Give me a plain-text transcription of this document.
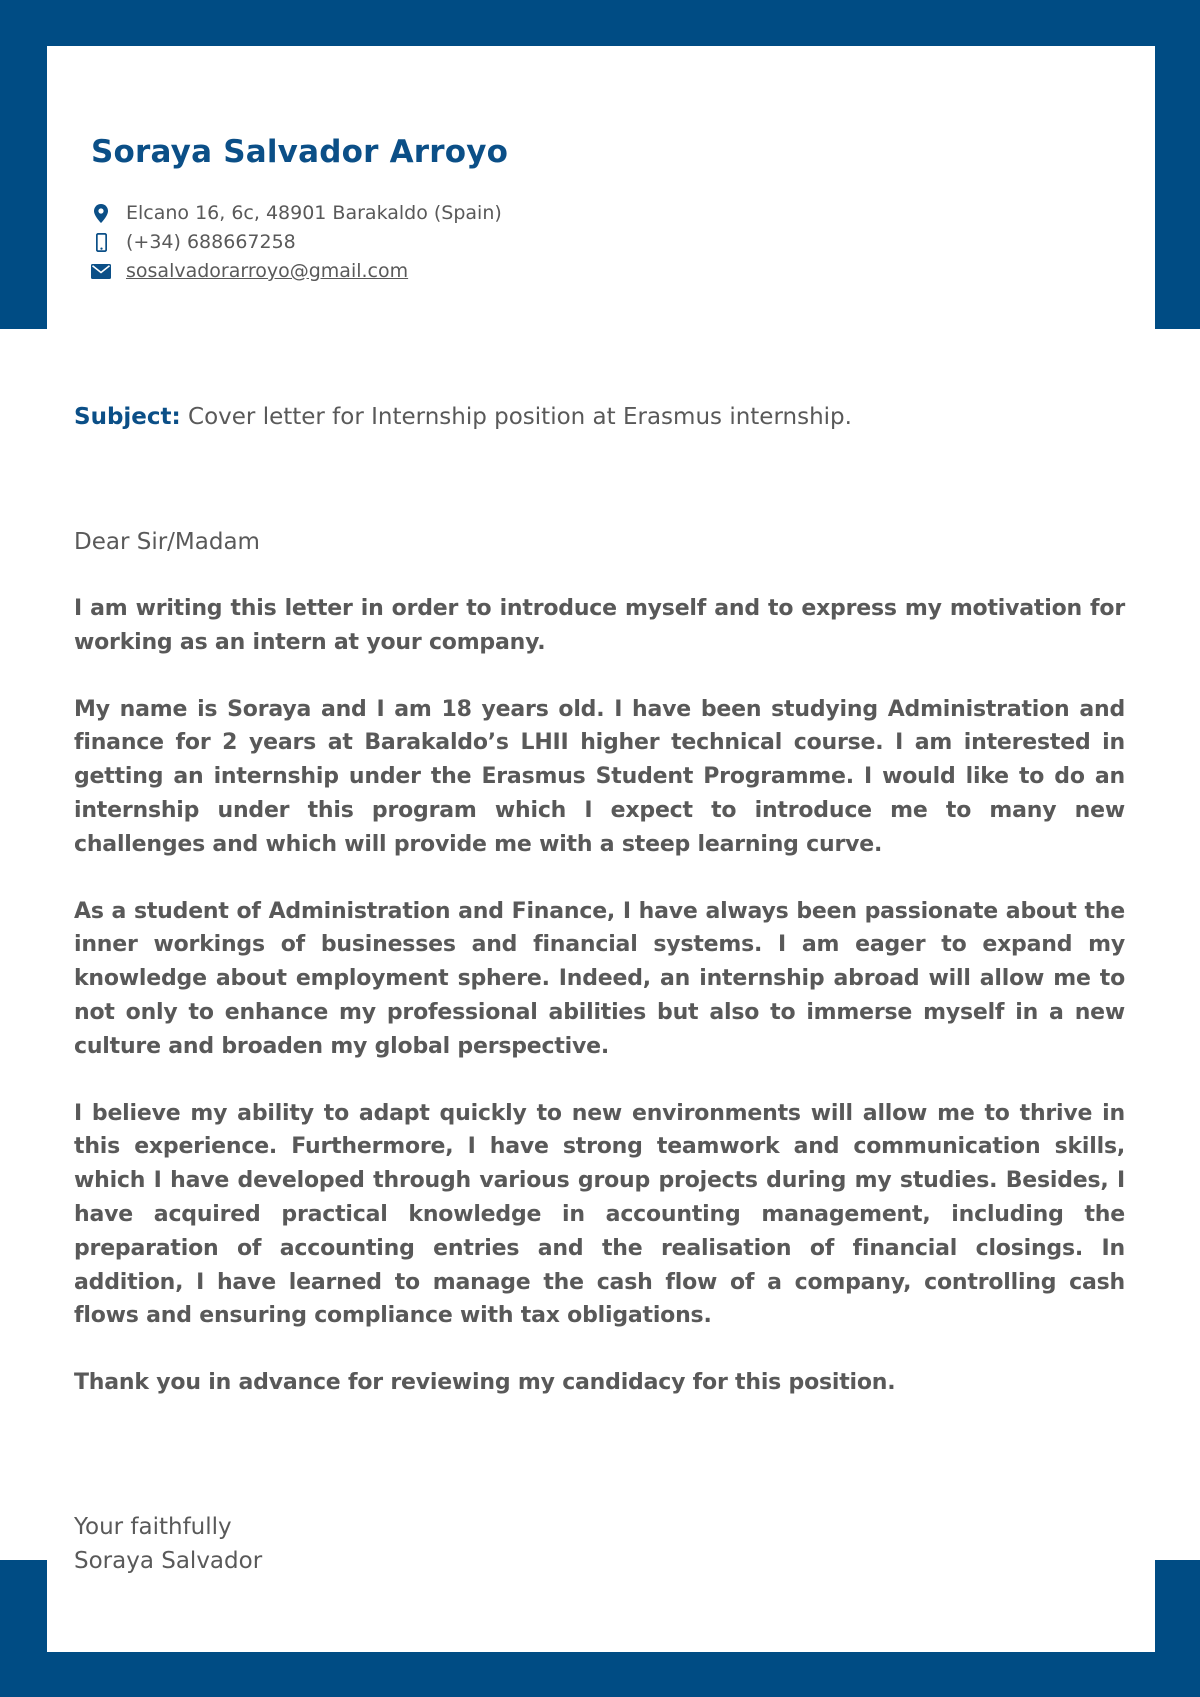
Soraya Salvador Arroyo
Elcano 16, 6c, 48901 Barakaldo (Spain)
(+34) 688667258
sosalvadorarroyo@gmail.com
Subject: Cover letter for Internship position at Erasmus internship.
Dear Sir/Madam

I am writing this letter in order to introduce myself and to express my motivation for working as an intern at your company.

My name is Soraya and I am 18 years old. I have been studying Administration and finance for 2 years at Barakaldo’s LHII higher technical course. I am interested in getting an internship under the Erasmus Student Programme. I would like to do an internship under this program which I expect to introduce me to many new challenges and which will provide me with a steep learning curve.

As a student of Administration and Finance, I have always been passionate about the inner workings of businesses and financial systems. I am eager to expand my knowledge about employment sphere. Indeed, an internship abroad will allow me to not only to enhance my professional abilities but also to immerse myself in a new culture and broaden my global perspective.

I believe my ability to adapt quickly to new environments will allow me to thrive in this experience. Furthermore, I have strong teamwork and communication skills, which I have developed through various group projects during my studies. Besides, I have acquired practical knowledge in accounting management, including the preparation of accounting entries and the realisation of financial closings. In addition, I have learned to manage the cash flow of a company, controlling cash flows and ensuring compliance with tax obligations.

Thank you in advance for reviewing my candidacy for this position.

Your faithfully
Soraya Salvador
